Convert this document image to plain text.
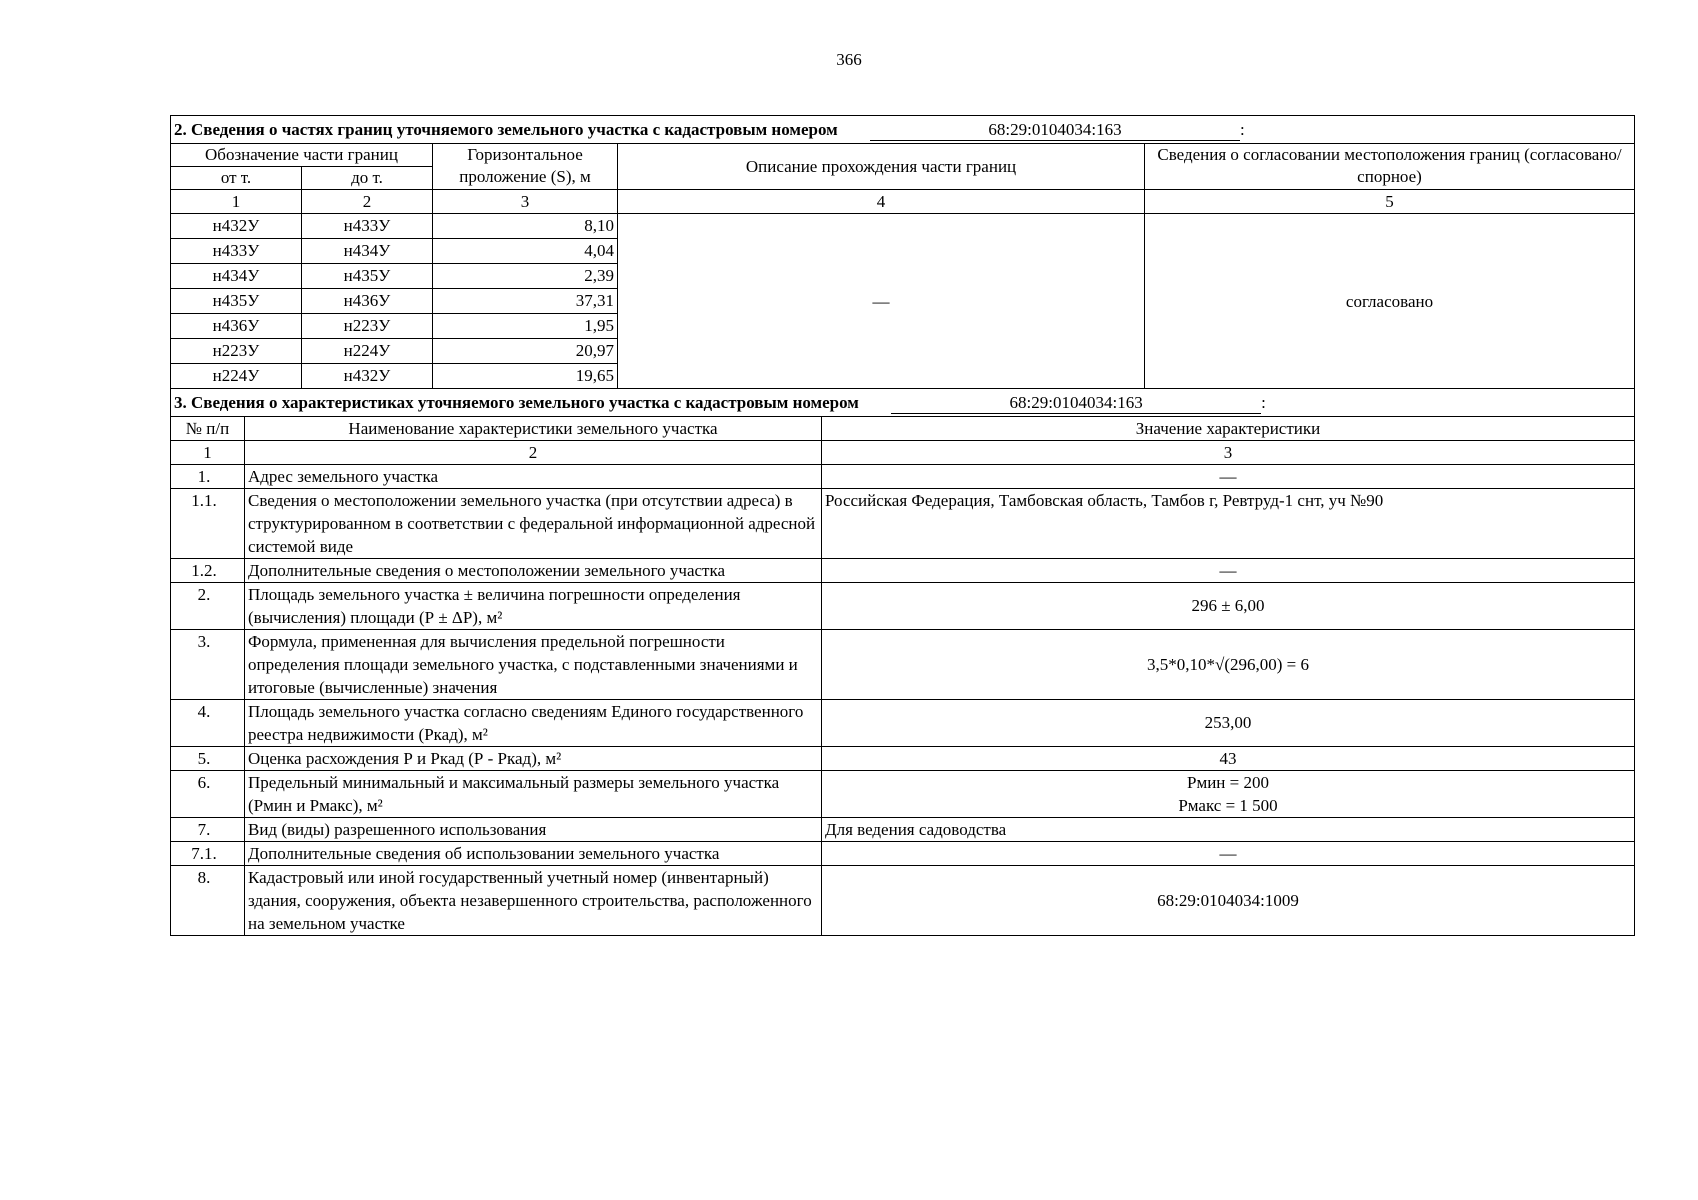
366
2. Сведения о частях границ уточняемого земельного участка с кадастровым номером 68:29:0104034:163 :				
Обозначение части границ		Горизонтальное проложение (S), м	Описание прохождения части границ	Сведения о согласовании местоположения границ (согласовано/спорное)
от т.	до т.			
1	2	3	4	5
н432У	н433У	8,10	—	согласовано
н433У	н434У	4,04		
н434У	н435У	2,39		
н435У	н436У	37,31		
н436У	н223У	1,95		
н223У	н224У	20,97		
н224У	н432У	19,65		
3. Сведения о характеристиках уточняемого земельного участка с кадастровым номером 68:29:0104034:163 :		
№ п/п	Наименование характеристики земельного участка	Значение характеристики
1	2	3
1.	Адрес земельного участка	—
1.1.	Сведения о местоположении земельного участка (при отсутствии адреса) в структурированном в соответствии с федеральной информационной адресной системой виде	Российская Федерация, Тамбовская область, Тамбов г, Ревтруд-1 снт, уч №90
1.2.	Дополнительные сведения о местоположении земельного участка	—
2.	Площадь земельного участка ± величина погрешности определения (вычисления) площади (Р ± ΔР), м²	296 ± 6,00
3.	Формула, примененная для вычисления предельной погрешности определения площади земельного участка, с подставленными значениями и итоговые (вычисленные) значения	3,5*0,10*√(296,00) = 6
4.	Площадь земельного участка согласно сведениям Единого государственного реестра недвижимости (Ркад), м²	253,00
5.	Оценка расхождения Р и Ркад (Р - Ркад), м²	43
6.	Предельный минимальный и максимальный размеры земельного участка (Рмин и Рмакс), м²	Рмин = 200
Рмакс = 1 500

7.	Вид (виды) разрешенного использования	Для ведения садоводства
7.1.	Дополнительные сведения об использовании земельного участка	—
8.	Кадастровый или иной государственный учетный номер (инвентарный) здания, сооружения, объекта незавершенного строительства, расположенного на земельном участке	68:29:0104034:1009
